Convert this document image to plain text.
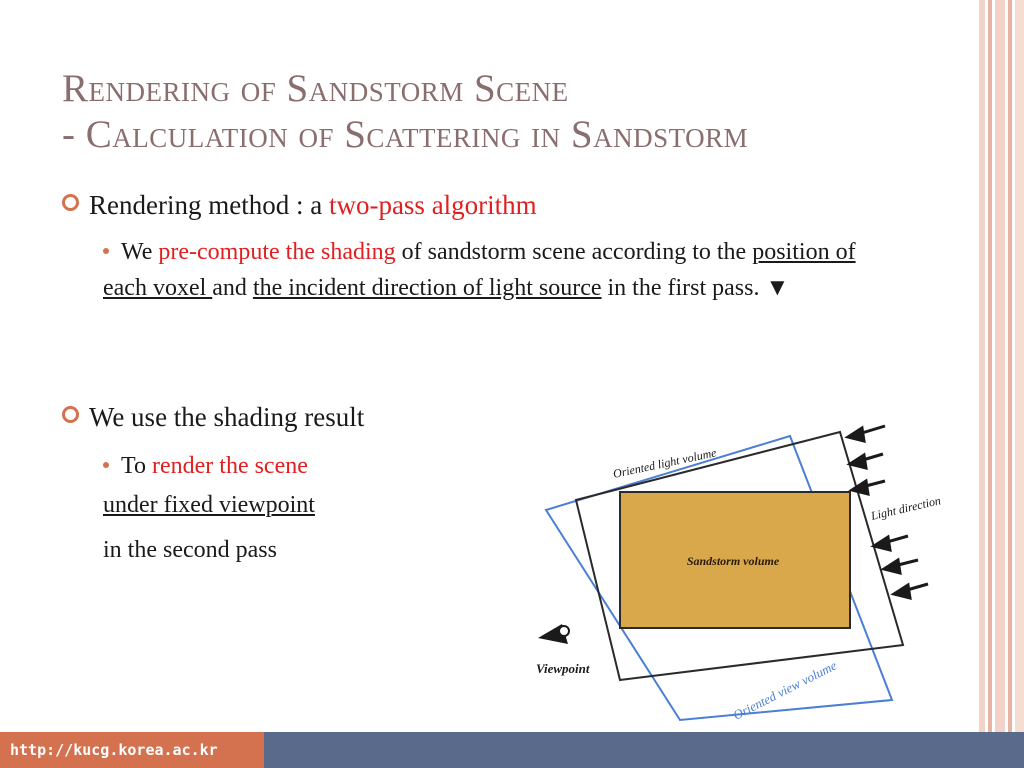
Rendering of Sandstorm Scene
- Calculation of Scattering in Sandstorm
Rendering method : a two-pass algorithm
We pre-compute the shading of sandstorm scene according to the position of each voxel and the incident direction of light source in the first pass. ▼
We use the shading result
To render the scene
under fixed viewpoint
in the second pass	Sandstorm volume
Oriented light volume
Light direction
Oriented view volume
Viewpoint
http://kucg.korea.ac.kr
